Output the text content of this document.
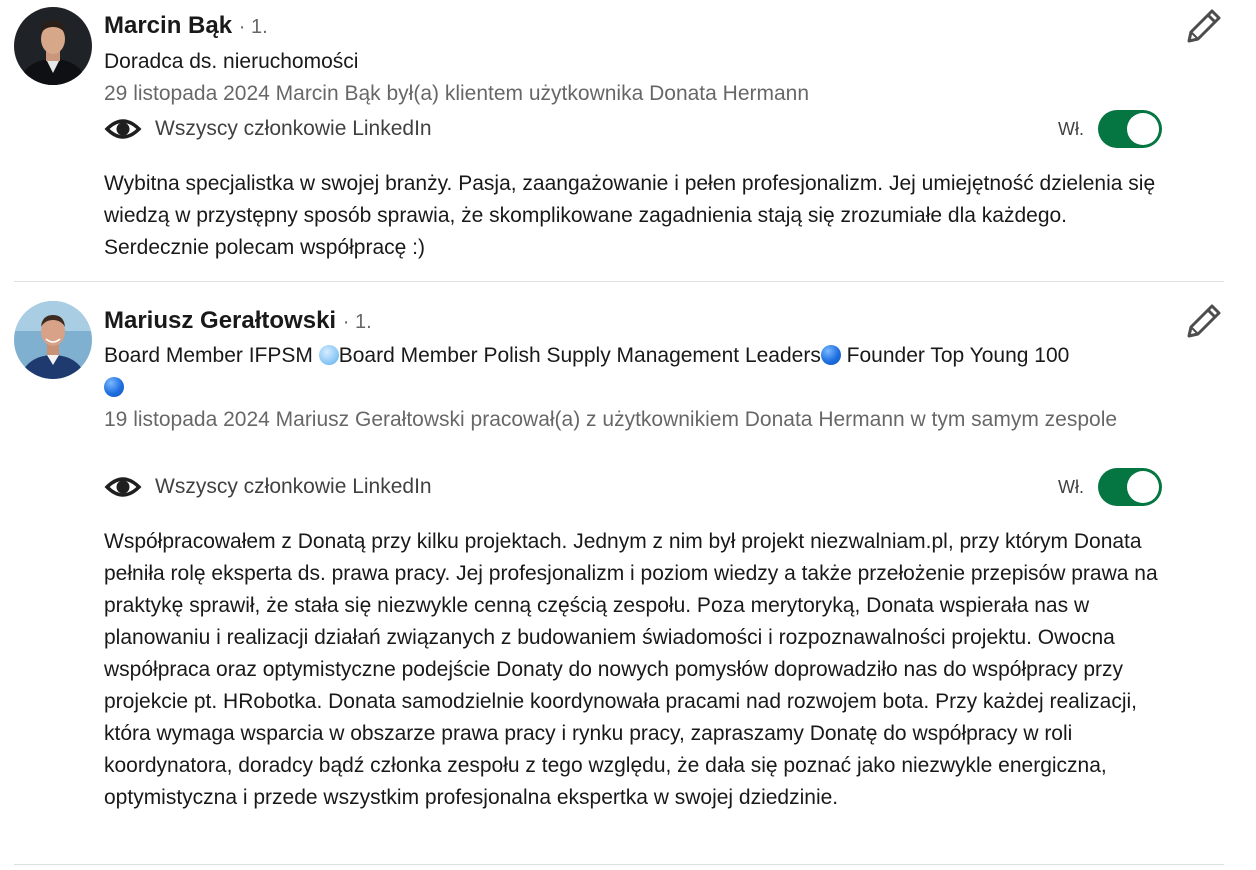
Marcin Bąk · 1.
Doradca ds. nieruchomości
29 listopada 2024 Marcin Bąk był(a) klientem użytkownika Donata Hermann
Wszyscy członkowie LinkedIn	Wł.
Wybitna specjalistka w swojej branży. Pasja, zaangażowanie i pełen profesjonalizm. Jej umiejętność dzielenia się wiedzą w przystępny sposób sprawia, że skomplikowane zagadnienia stają się zrozumiałe dla każdego. Serdecznie polecam współpracę :)
Mariusz Gerałtowski · 1.
Board Member IFPSM Board Member Polish Supply Management Leaders Founder Top Young 100

19 listopada 2024 Mariusz Gerałtowski pracował(a) z użytkownikiem Donata Hermann w tym samym zespole
Wszyscy członkowie LinkedIn	Wł.
Współpracowałem z Donatą przy kilku projektach. Jednym z nim był projekt niezwalniam.pl, przy którym Donata pełniła rolę eksperta ds. prawa pracy. Jej profesjonalizm i poziom wiedzy a także przełożenie przepisów prawa na praktykę sprawił, że stała się niezwykle cenną częścią zespołu. Poza merytoryką, Donata wspierała nas w planowaniu i realizacji działań związanych z budowaniem świadomości i rozpoznawalności projektu. Owocna współpraca oraz optymistyczne podejście Donaty do nowych pomysłów doprowadziło nas do współpracy przy projekcie pt. HRobotka. Donata samodzielnie koordynowała pracami nad rozwojem bota. Przy każdej realizacji, która wymaga wsparcia w obszarze prawa pracy i rynku pracy, zapraszamy Donatę do współpracy w roli koordynatora, doradcy bądź członka zespołu z tego względu, że dała się poznać jako niezwykle energiczna, optymistyczna i przede wszystkim profesjonalna ekspertka w swojej dziedzinie.
